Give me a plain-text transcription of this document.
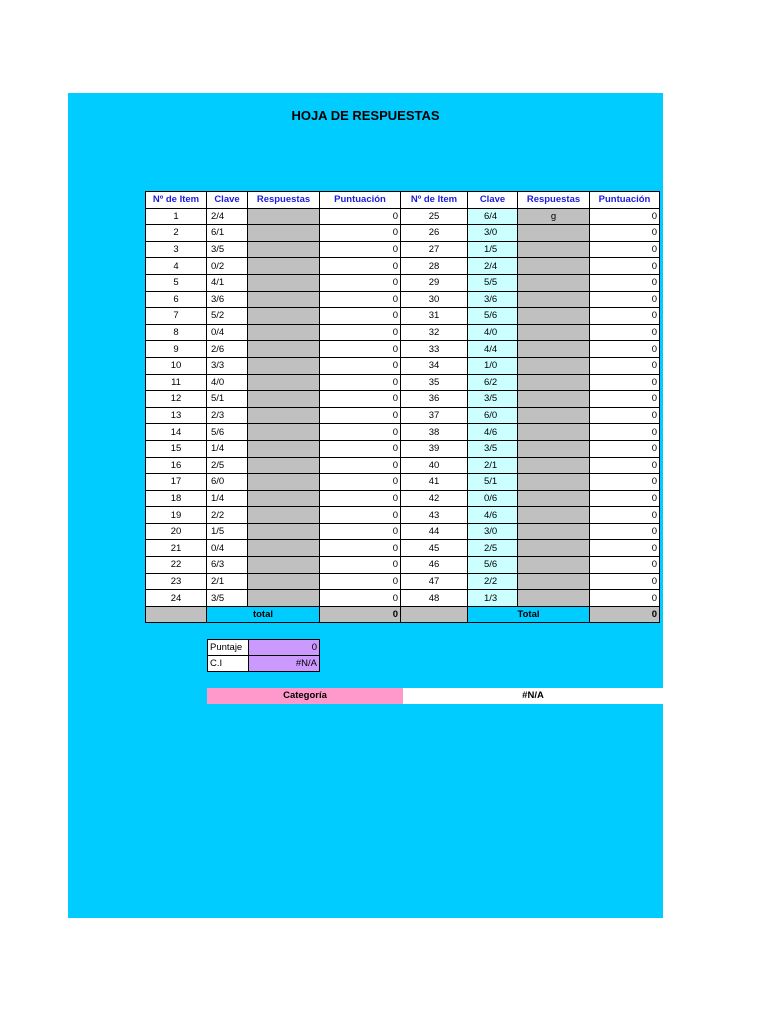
HOJA DE RESPUESTAS
Nº de Item	Clave	Respuestas	Puntuación	Nº de Item	Clave	Respuestas	Puntuación
1	2/4		0	25	6/4	g	0
2	6/1		0	26	3/0		0
3	3/5		0	27	1/5		0
4	0/2		0	28	2/4		0
5	4/1		0	29	5/5		0
6	3/6		0	30	3/6		0
7	5/2		0	31	5/6		0
8	0/4		0	32	4/0		0
9	2/6		0	33	4/4		0
10	3/3		0	34	1/0		0
11	4/0		0	35	6/2		0
12	5/1		0	36	3/5		0
13	2/3		0	37	6/0		0
14	5/6		0	38	4/6		0
15	1/4		0	39	3/5		0
16	2/5		0	40	2/1		0
17	6/0		0	41	5/1		0
18	1/4		0	42	0/6		0
19	2/2		0	43	4/6		0
20	1/5		0	44	3/0		0
21	0/4		0	45	2/5		0
22	6/3		0	46	5/6		0
23	2/1		0	47	2/2		0
24	3/5		0	48	1/3		0
	total		0		Total		0
Puntaje	0
C.I	#N/A
Categoría	#N/A
